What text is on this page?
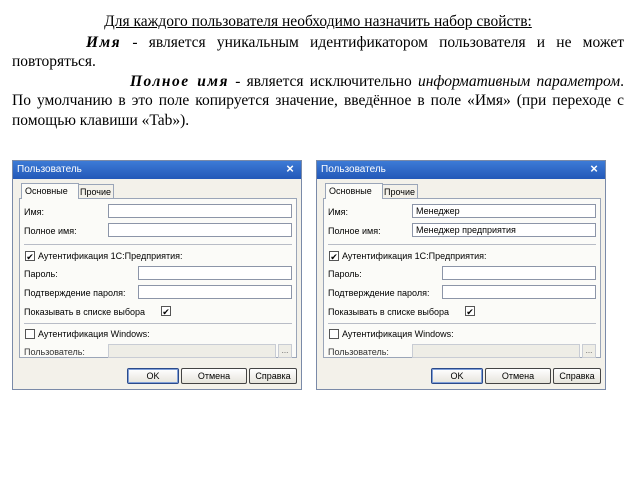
Для каждого пользователя необходимо назначить набор свойств:

Имя - является уникальным идентификатором пользователя и не может повторяться.

Полное имя - является исключительно информативным параметром. По умолчанию в это поле копируется значение, введённое в поле «Имя» (при переходе с помощью клавиши «Tab»).

Пользователь	×
Основные	Прочие
Имя:
Полное имя:
✔ Аутентификация 1С:Предприятия:
Пароль:
Подтверждение пароля:
Показывать в списке выбора ✔
Аутентификация Windows:
Пользователь:	...
OK	Отмена	Справка
Пользователь	×
Основные	Прочие
Имя:	Менеджер
Полное имя:	Менеджер предприятия
✔ Аутентификация 1С:Предприятия:
Пароль:
Подтверждение пароля:
Показывать в списке выбора ✔
Аутентификация Windows:
Пользователь:	...
OK	Отмена	Справка
